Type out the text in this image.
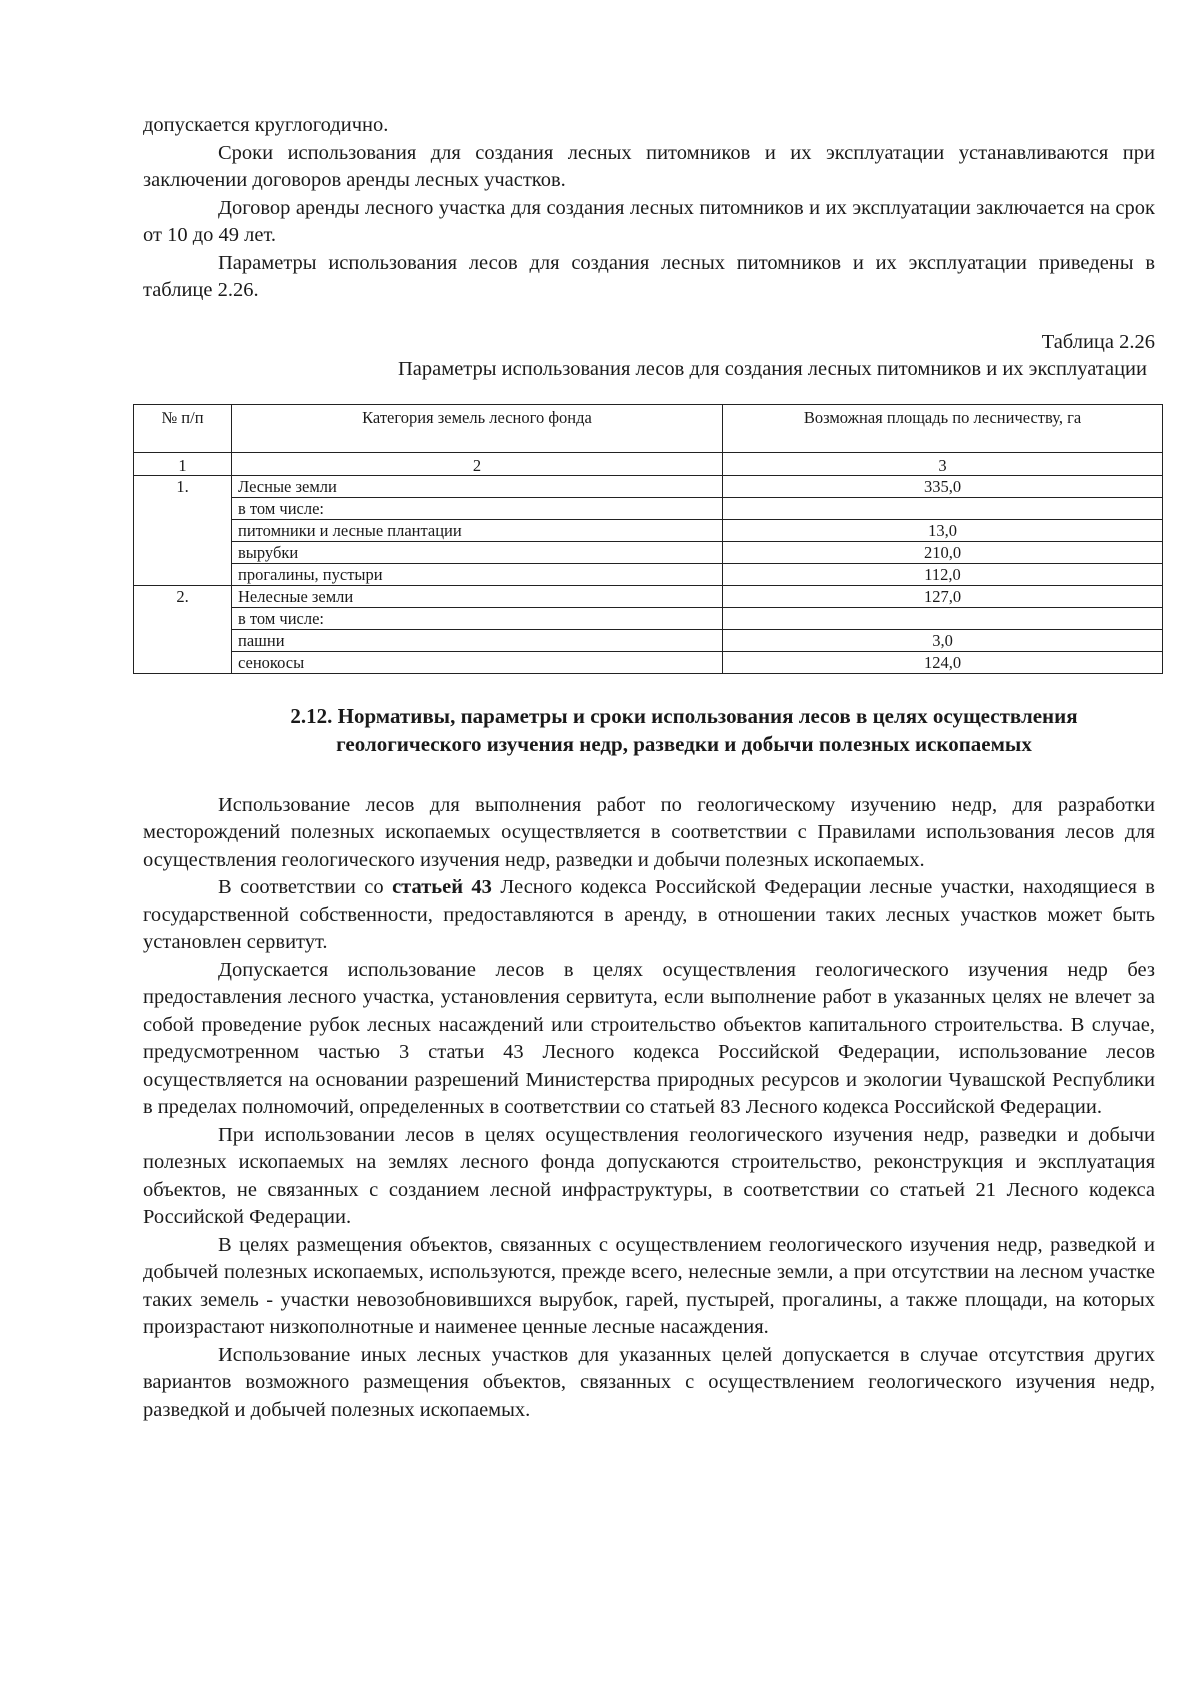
допускается круглогодично.

Сроки использования для создания лесных питомников и их эксплуатации устанавливаются при заключении договоров аренды лесных участков.

Договор аренды лесного участка для создания лесных питомников и их эксплуатации заключается на срок от 10 до 49 лет.

Параметры использования лесов для создания лесных питомников и их эксплуатации приведены в таблице 2.26.

Таблица 2.26
Параметры использования лесов для создания лесных питомников и их эксплуатации
№ п/п	Категория земель лесного фонда	Возможная площадь по лесничеству, га
1	2	3
1.	Лесные земли	335,0
	в том числе:	
	питомники и лесные плантации	13,0
	вырубки	210,0
	прогалины, пустыри	112,0
2.	Нелесные земли	127,0
	в том числе:	
	пашни	3,0
	сенокосы	124,0
2.12. Нормативы, параметры и сроки использования лесов в целях осуществления
геологического изучения недр, разведки и добычи полезных ископаемых

Использование лесов для выполнения работ по геологическому изучению недр, для разработки месторождений полезных ископаемых осуществляется в соответствии с Правилами использования лесов для осуществления геологического изучения недр, разведки и добычи полезных ископаемых.

В соответствии со статьей 43 Лесного кодекса Российской Федерации лесные участки, находящиеся в государственной собственности, предоставляются в аренду, в отношении таких лесных участков может быть установлен сервитут.

Допускается использование лесов в целях осуществления геологического изучения недр без предоставления лесного участка, установления сервитута, если выполнение работ в указанных целях не влечет за собой проведение рубок лесных насаждений или строительство объектов капитального строительства. В случае, предусмотренном частью 3 статьи 43 Лесного кодекса Российской Федерации, использование лесов осуществляется на основании разрешений Министерства природных ресурсов и экологии Чувашской Республики в пределах полномочий, определенных в соответствии со статьей 83 Лесного кодекса Российской Федерации.

При использовании лесов в целях осуществления геологического изучения недр, разведки и добычи полезных ископаемых на землях лесного фонда допускаются строительство, реконструкция и эксплуатация объектов, не связанных с созданием лесной инфраструктуры, в соответствии со статьей 21 Лесного кодекса Российской Федерации.

В целях размещения объектов, связанных с осуществлением геологического изучения недр, разведкой и добычей полезных ископаемых, используются, прежде всего, нелесные земли, а при отсутствии на лесном участке таких земель - участки невозобновившихся вырубок, гарей, пустырей, прогалины, а также площади, на которых произрастают низкополнотные и наименее ценные лесные насаждения.

Использование иных лесных участков для указанных целей допускается в случае отсутствия других вариантов возможного размещения объектов, связанных с осуществлением геологического изучения недр, разведкой и добычей полезных ископаемых.
